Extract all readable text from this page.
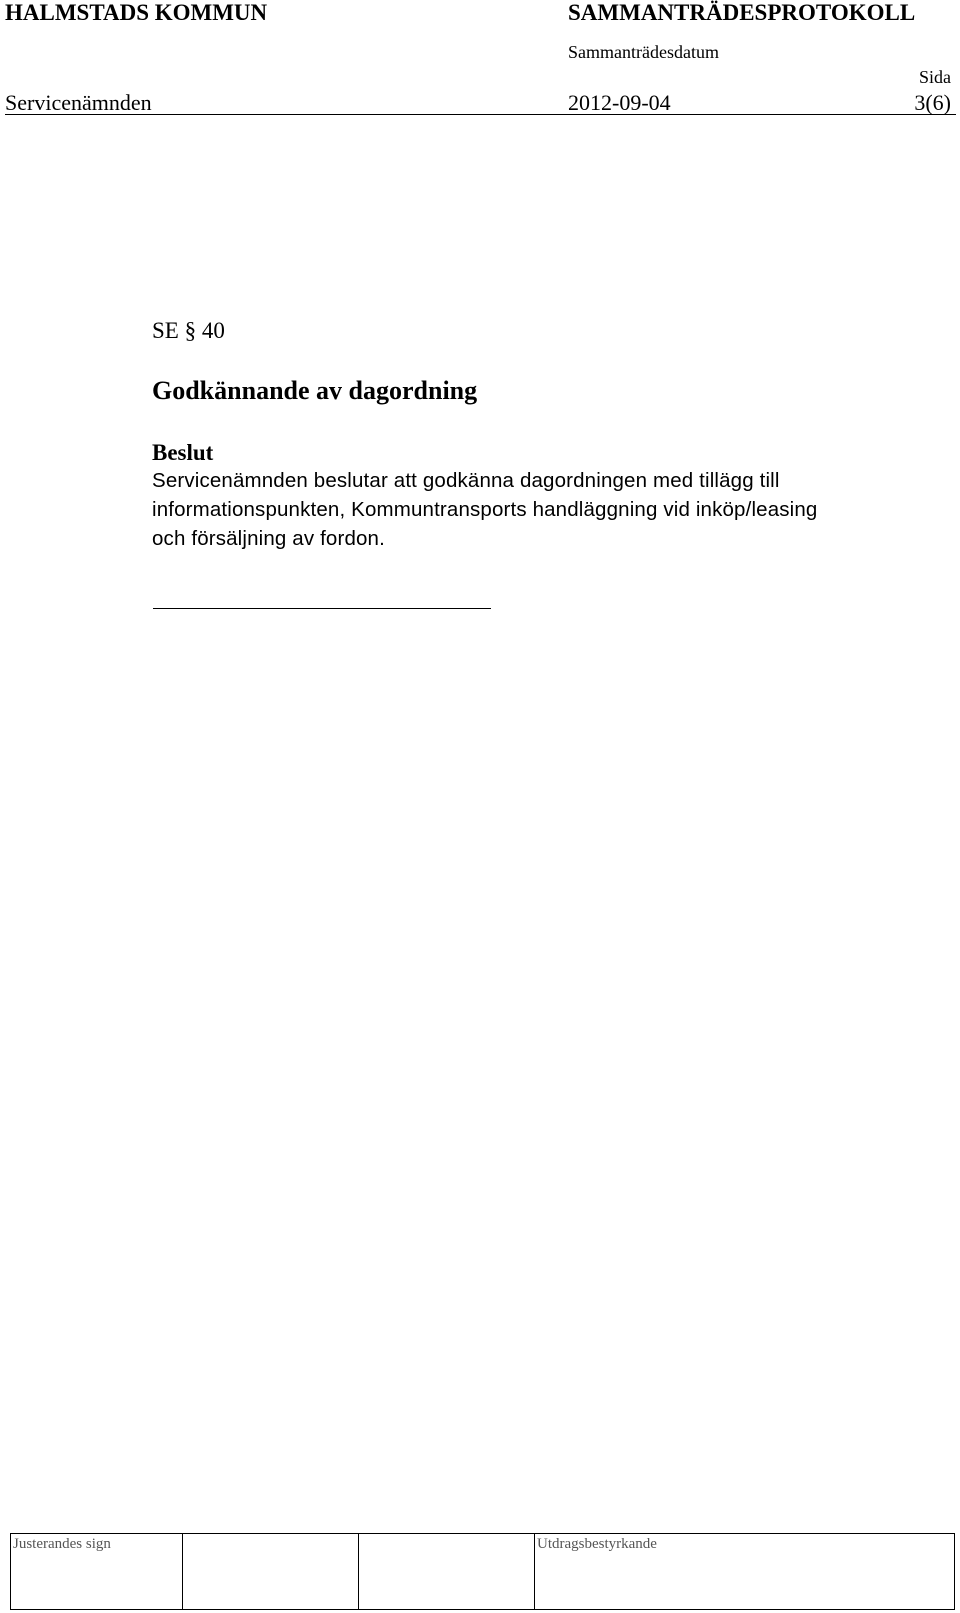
HALMSTADS KOMMUN	SAMMANTRÄDESPROTOKOLL
Sammanträdesdatum
Sida
Servicenämnden	2012-09-04	3(6)
SE § 40
Godkännande av dagordning
Beslut
Servicenämnden beslutar att godkänna dagordningen med tillägg till
informationspunkten, Kommuntransports handläggning vid inköp/leasing
och försäljning av fordon.
Justerandes sign			Utdragsbestyrkande
